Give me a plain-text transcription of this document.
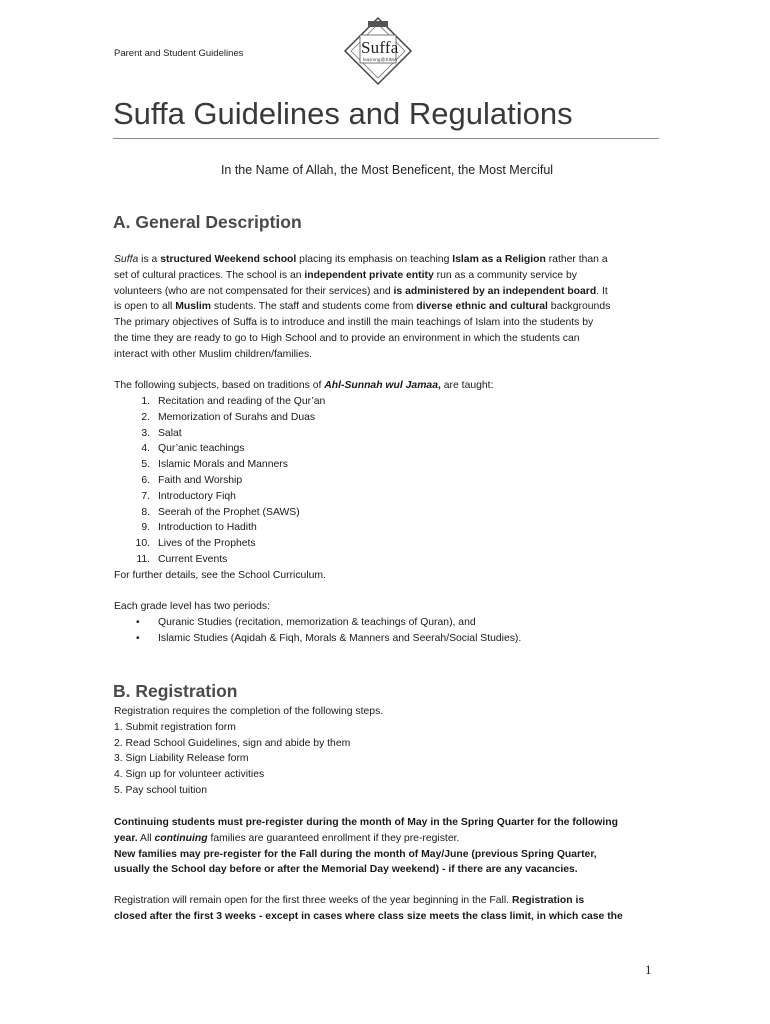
Parent and Student Guidelines	Suffa
learning@SIMA
Suffa Guidelines and Regulations
In the Name of Allah, the Most Beneficent, the Most Merciful
A. General Description
Suffa is a structured Weekend school placing its emphasis on teaching Islam as a Religion rather than a
set of cultural practices. The school is an independent private entity run as a community service by
volunteers (who are not compensated for their services) and is administered by an independent board. It
is open to all Muslim students. The staff and students come from diverse ethnic and cultural backgrounds
The primary objectives of Suffa is to introduce and instill the main teachings of Islam into the students by
the time they are ready to go to High School and to provide an environment in which the students can
interact with other Muslim children/families.
The following subjects, based on traditions of Ahl-Sunnah wul Jamaa, are taught:
1. Recitation and reading of the Qur’an
2. Memorization of Surahs and Duas
3. Salat
4. Qur’anic teachings
5. Islamic Morals and Manners
6. Faith and Worship
7. Introductory Fiqh
8. Seerah of the Prophet (SAWS)
9. Introduction to Hadith
10. Lives of the Prophets
11. Current Events
For further details, see the School Curriculum.
Each grade level has two periods:
• Quranic Studies (recitation, memorization & teachings of Quran), and
• Islamic Studies (Aqidah & Fiqh, Morals & Manners and Seerah/Social Studies).
B. Registration
Registration requires the completion of the following steps.
1. Submit registration form
2. Read School Guidelines, sign and abide by them
3. Sign Liability Release form
4. Sign up for volunteer activities
5. Pay school tuition
Continuing students must pre-register during the month of May in the Spring Quarter for the following
year. All continuing families are guaranteed enrollment if they pre-register.
New families may pre-register for the Fall during the month of May/June (previous Spring Quarter,
usually the School day before or after the Memorial Day weekend) - if there are any vacancies.
Registration will remain open for the first three weeks of the year beginning in the Fall. Registration is
closed after the first 3 weeks - except in cases where class size meets the class limit, in which case the
1
